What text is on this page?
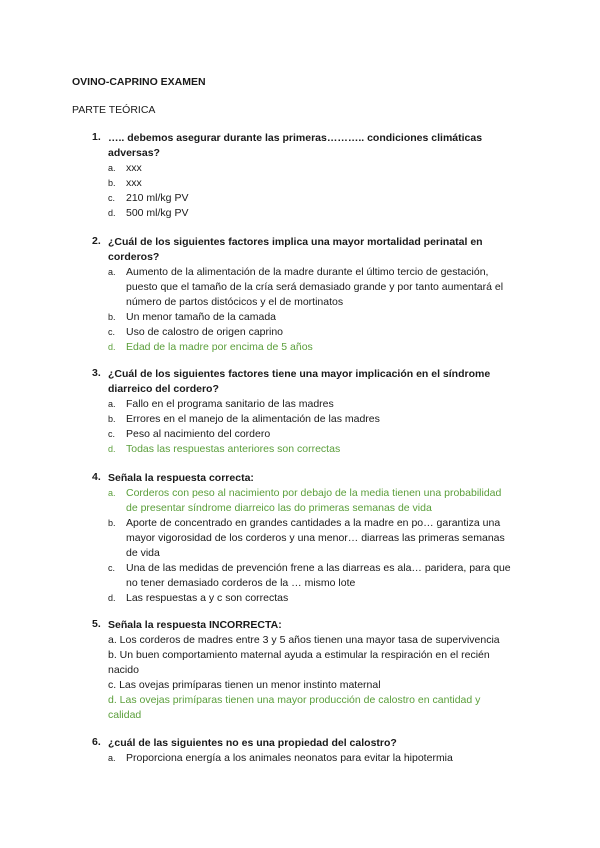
OVINO-CAPRINO EXAMEN
PARTE TEÓRICA
1. ….. debemos asegurar durante las primeras……….. condiciones climáticas adversas?
a. xxx
b. xxx
c. 210 ml/kg PV
d. 500 ml/kg PV
2. ¿Cuál de los siguientes factores implica una mayor mortalidad perinatal en corderos?
a. Aumento de la alimentación de la madre durante el último tercio de gestación, puesto que el tamaño de la cría será demasiado grande y por tanto aumentará el número de partos distócicos y el de mortinatos
b. Un menor tamaño de la camada
c. Uso de calostro de origen caprino
d. Edad de la madre por encima de 5 años
3. ¿Cuál de los siguientes factores tiene una mayor implicación en el síndrome diarreico del cordero?
a. Fallo en el programa sanitario de las madres
b. Errores en el manejo de la alimentación de las madres
c. Peso al nacimiento del cordero
d. Todas las respuestas anteriores son correctas
4. Señala la respuesta correcta:
a. Corderos con peso al nacimiento por debajo de la media tienen una probabilidad de presentar síndrome diarreico las do primeras semanas de vida
b. Aporte de concentrado en grandes cantidades a la madre en po… garantiza una mayor vigorosidad de los corderos y una menor… diarreas las primeras semanas de vida
c. Una de las medidas de prevención frene a las diarreas es ala… paridera, para que no tener demasiado corderos de la … mismo lote
d. Las respuestas a y c son correctas
5. Señala la respuesta INCORRECTA:
a. Los corderos de madres entre 3 y 5 años tienen una mayor tasa de supervivencia
b. Un buen comportamiento maternal ayuda a estimular la respiración en el recién nacido
c. Las ovejas primíparas tienen un menor instinto maternal
d. Las ovejas primíparas tienen una mayor producción de calostro en cantidad y calidad
6. ¿cuál de las siguientes no es una propiedad del calostro?
a. Proporciona energía a los animales neonatos para evitar la hipotermia
